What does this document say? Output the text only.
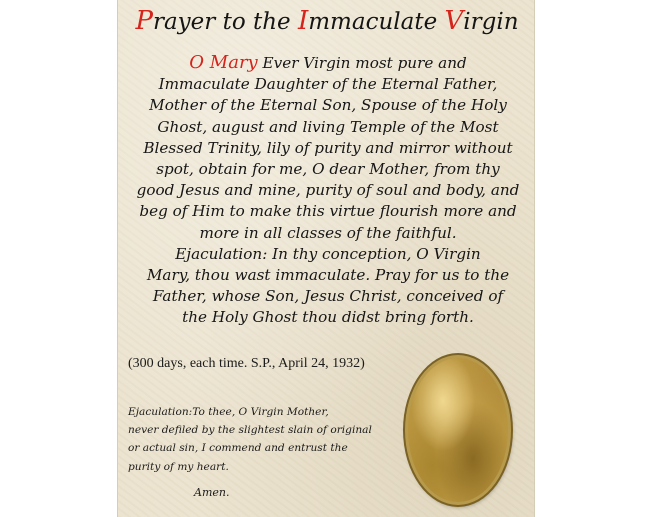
Prayer to the Immaculate Virgin
O Mary Ever Virgin most pure and
Immaculate Daughter of the Eternal Father,
Mother of the Eternal Son, Spouse of the Holy
Ghost, august and living Temple of the Most
Blessed Trinity, lily of purity and mirror without
spot, obtain for me, O dear Mother, from thy
good Jesus and mine, purity of soul and body, and
beg of Him to make this virtue flourish more and
more in all classes of the faithful.
Ejaculation: In thy conception, O Virgin
Mary, thou wast immaculate. Pray for us to the
Father, whose Son, Jesus Christ, conceived of
the Holy Ghost thou didst bring forth.
(300 days, each time. S.P., April 24, 1932)
Ejaculation:To thee, O Virgin Mother,
never defiled by the slightest slain of original
or actual sin, I commend and entrust the
purity of my heart.
Amen.
